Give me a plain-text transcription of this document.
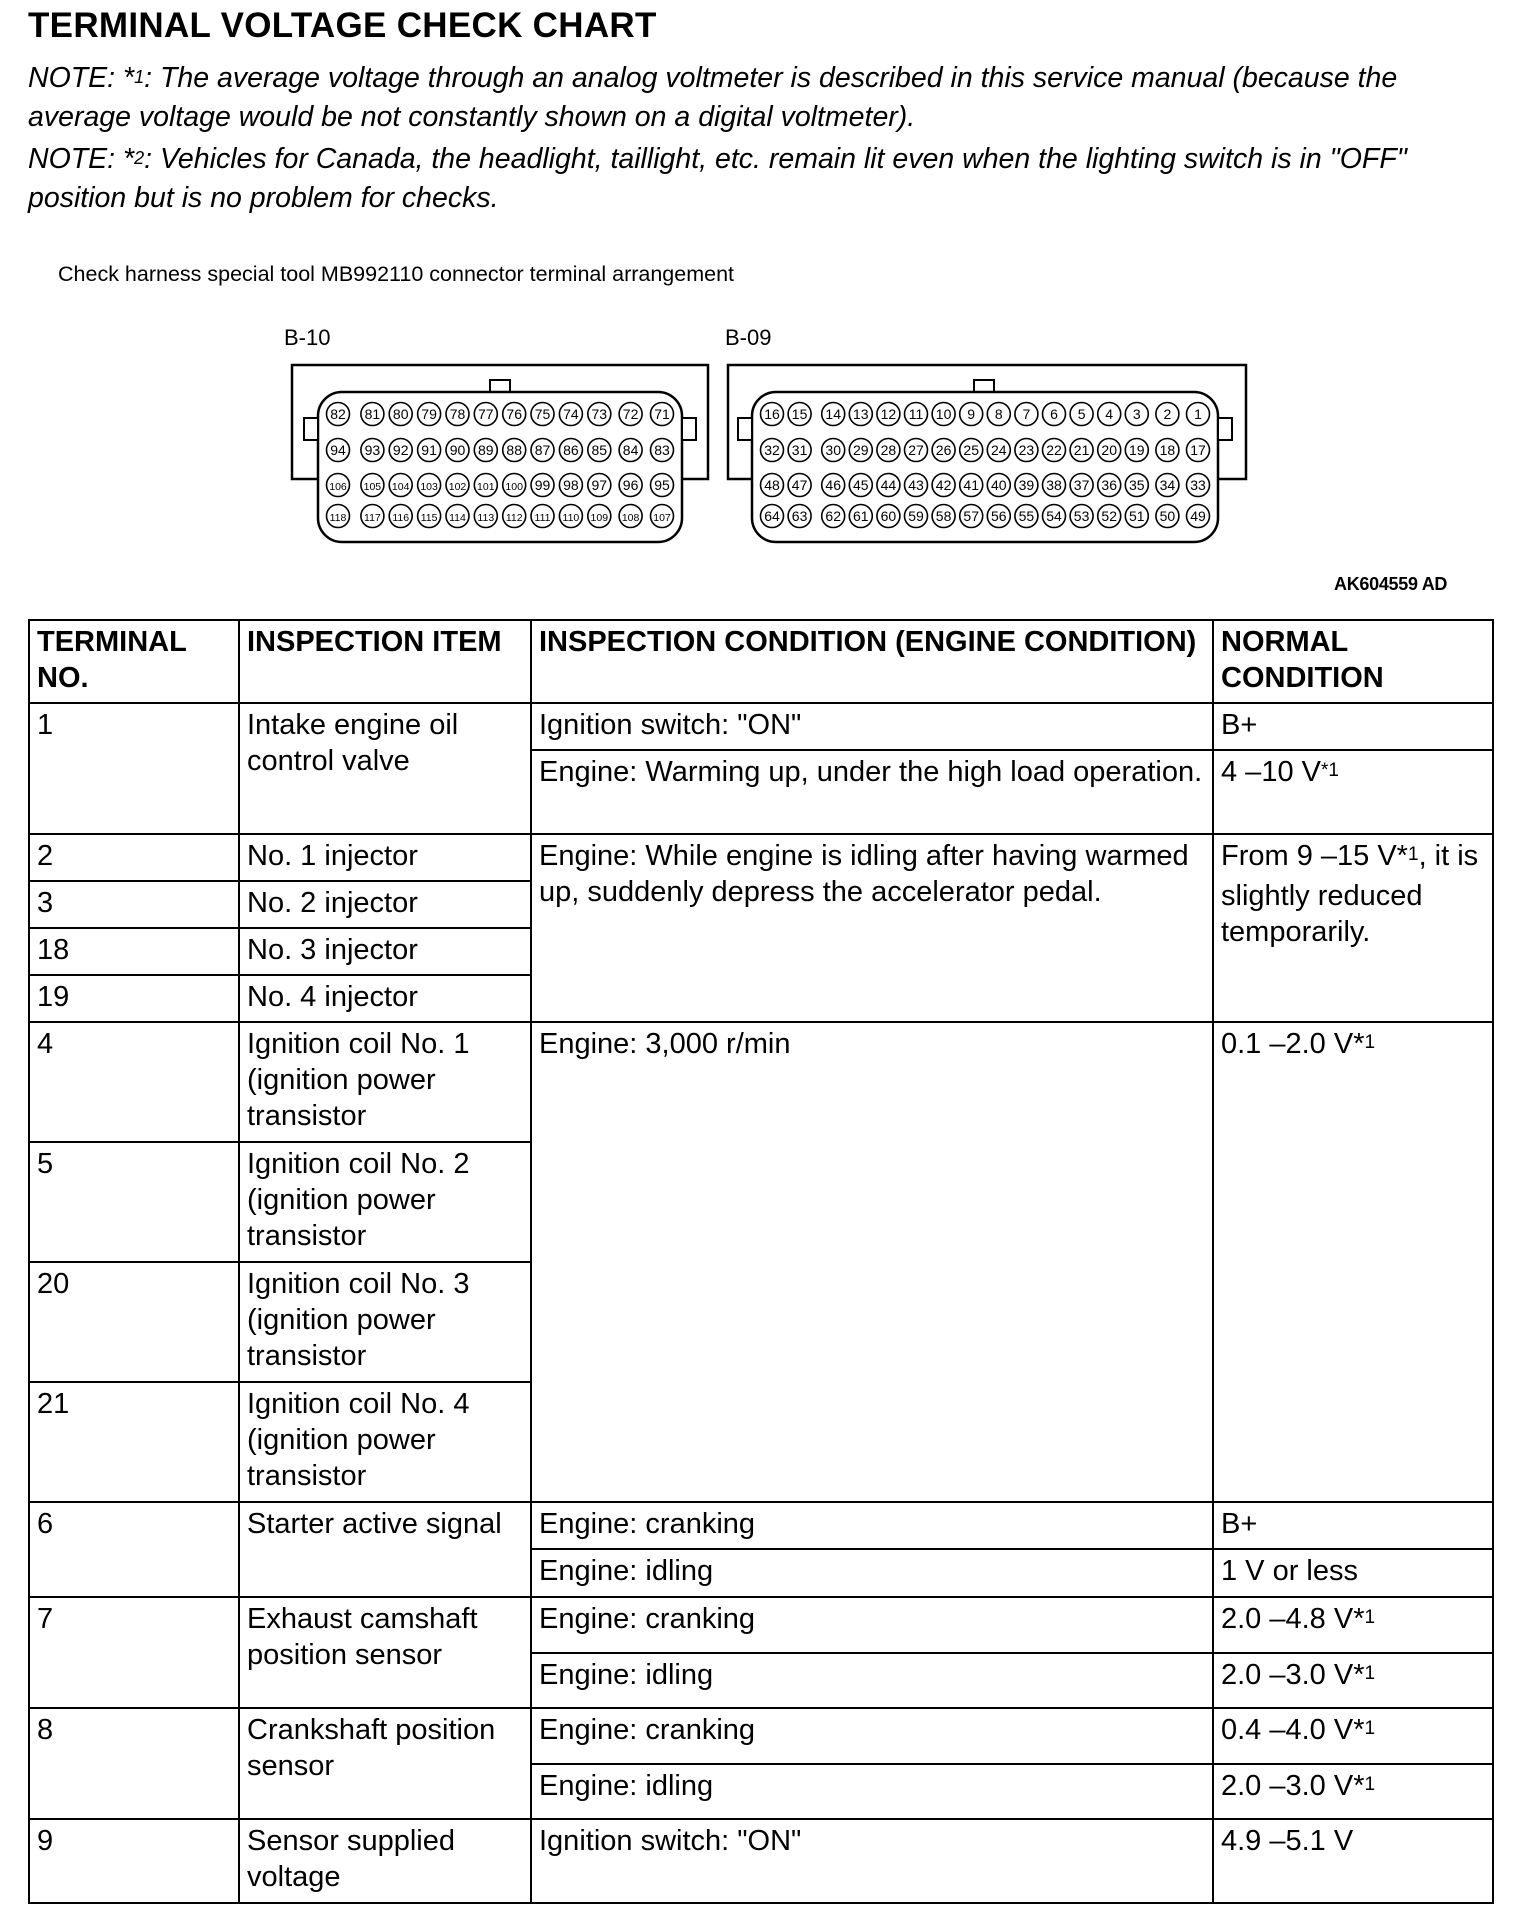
TERMINAL VOLTAGE CHECK CHART
NOTE: *$^1$: The average voltage through an analog voltmeter is described in this service manual (because the average voltage would be not constantly shown on a digital voltmeter).
NOTE: *$^2$: Vehicles for Canada, the headlight, taillight, etc. remain lit even when the lighting switch is in "OFF" position but is no problem for checks.
Check harness special tool MB992110 connector terminal arrangement
B-10	B-09
82 81 80 79 78 77 76 75 74 73 72 71
94 93 92 91 90 89 88 87 86 85 84 83
106 105 104 103 102 101 100 99 98 97 96 95
118 117 116 115 114 113 112 111 110 109 108 107
16 15 14 13 12 11 10 9 8 7 6 5 4 3 2 1
32 31 30 29 28 27 26 25 24 23 22 21 20 19 18 17
48 47 46 45 44 43 42 41 40 39 38 37 36 35 34 33
64 63 62 61 60 59 58 57 56 55 54 53 52 51 50 49
AK604559 AD
TERMINAL NO.	INSPECTION ITEM	INSPECTION CONDITION (ENGINE CONDITION)	NORMAL CONDITION
1	Intake engine oil control valve	Ignition switch: "ON"	B+
		Engine: Warming up, under the high load operation.	4 –10 $V^{*1}$
2	No. 1 injector	Engine: While engine is idling after having warmed up, suddenly depress the accelerator pedal.	From 9 –15 V*$^1$, it is slightly reduced temporarily.
3	No. 2 injector		
18	No. 3 injector		
19	No. 4 injector		
4	Ignition coil No. 1 (ignition power transistor	Engine: 3,000 r/min	0.1 –2.0 V*$^1$
5	Ignition coil No. 2 (ignition power transistor		
20	Ignition coil No. 3 (ignition power transistor		
21	Ignition coil No. 4 (ignition power transistor		
6	Starter active signal	Engine: cranking	B+
		Engine: idling	1 V or less
7	Exhaust camshaft position sensor	Engine: cranking	2.0 –4.8 V*$^1$
		Engine: idling	2.0 –3.0 V*$^1$
8	Crankshaft position sensor	Engine: cranking	0.4 –4.0 V*$^1$
		Engine: idling	2.0 –3.0 V*$^1$
9	Sensor supplied voltage	Ignition switch: "ON"	4.9 –5.1 V
